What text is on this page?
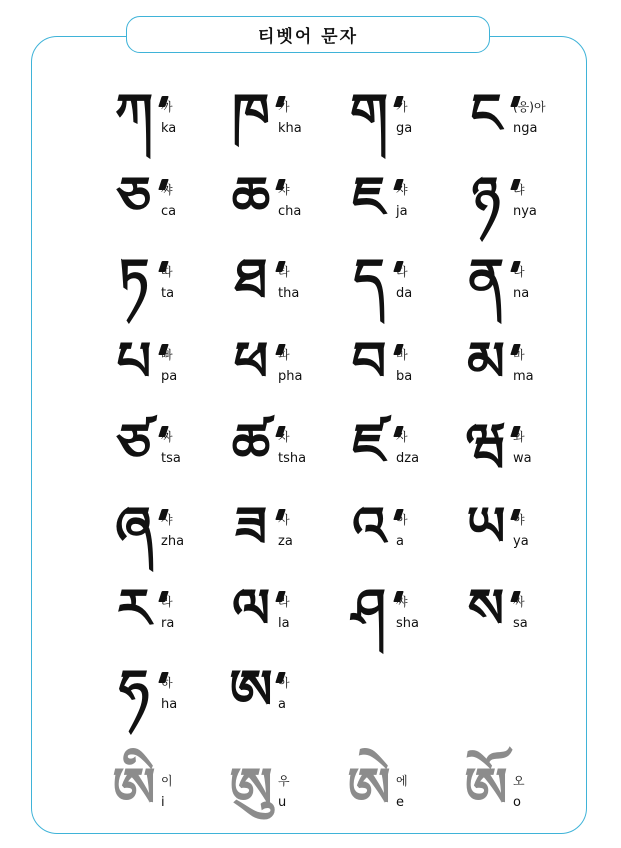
티벳어 문자
ཀ 까
ka ཁ 카
kha ག 가
ga ང (응)아
nga
ཅ 쨔
ca ཆ 챠
cha ཇ 쟈
ja	ཉ	냐
nya
ཏ 따
ta ཐ 타
tha ད 다
da ན 나
na
པ 빠
pa ཕ 파
pha བ 바
ba མ 마
ma
ཙ 짜
tsa ཚ 차
tsha ཛ 자
dza ཝ 와
wa
ཞ 샤
zha ཟ 사
za འ 아
a ཡ 야
ya
ར 라
ra ལ 라
la ཤ 쌰
sha ས 싸
sa
ཧ 하
ha ཨ 아
a
ཨི 이
i ཨུ 우
u ཨེ 에
e ཨོ 오
o
